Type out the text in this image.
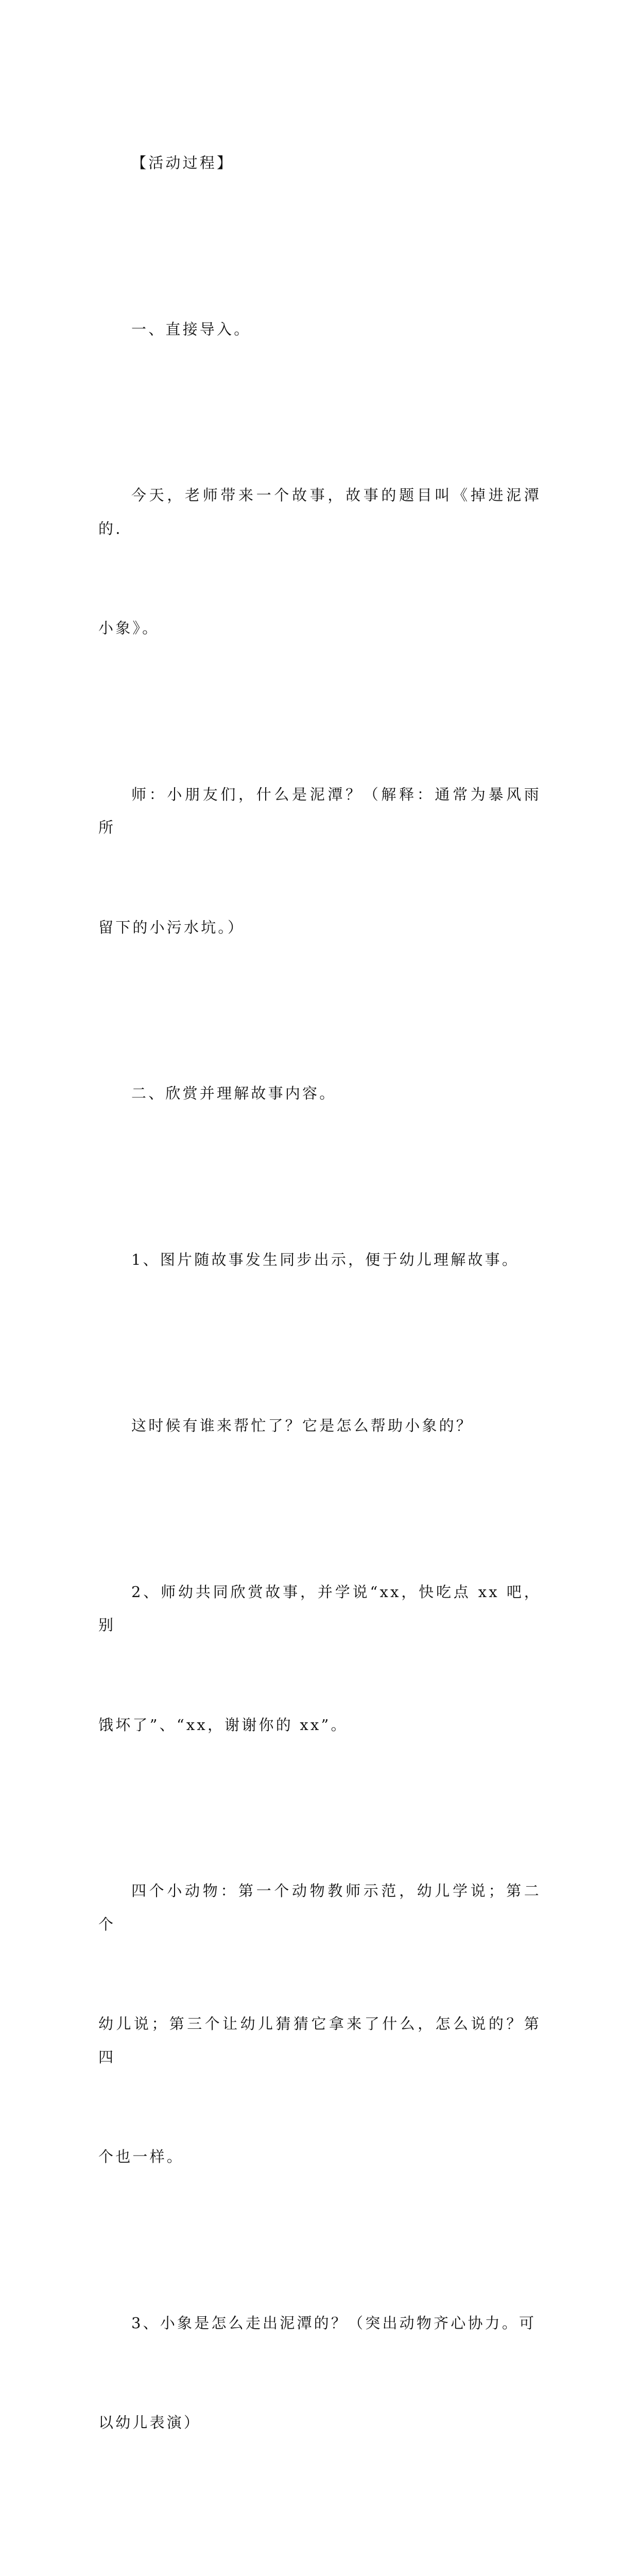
【活动过程】

一、直接导入。

今天，老师带来一个故事，故事的题目叫《掉进泥潭的.

小象》。

师：小朋友们，什么是泥潭？（解释：通常为暴风雨所

留下的小污水坑。）

二、欣赏并理解故事内容。

1、图片随故事发生同步出示，便于幼儿理解故事。

这时候有谁来帮忙了？它是怎么帮助小象的？

2、师幼共同欣赏故事，并学说“xx，快吃点 xx 吧，别

饿坏了”、“xx，谢谢你的 xx”。

四个小动物：第一个动物教师示范，幼儿学说；第二个

幼儿说；第三个让幼儿猜猜它拿来了什么，怎么说的？第四

个也一样。

3、小象是怎么走出泥潭的？（突出动物齐心协力。可

以幼儿表演）
